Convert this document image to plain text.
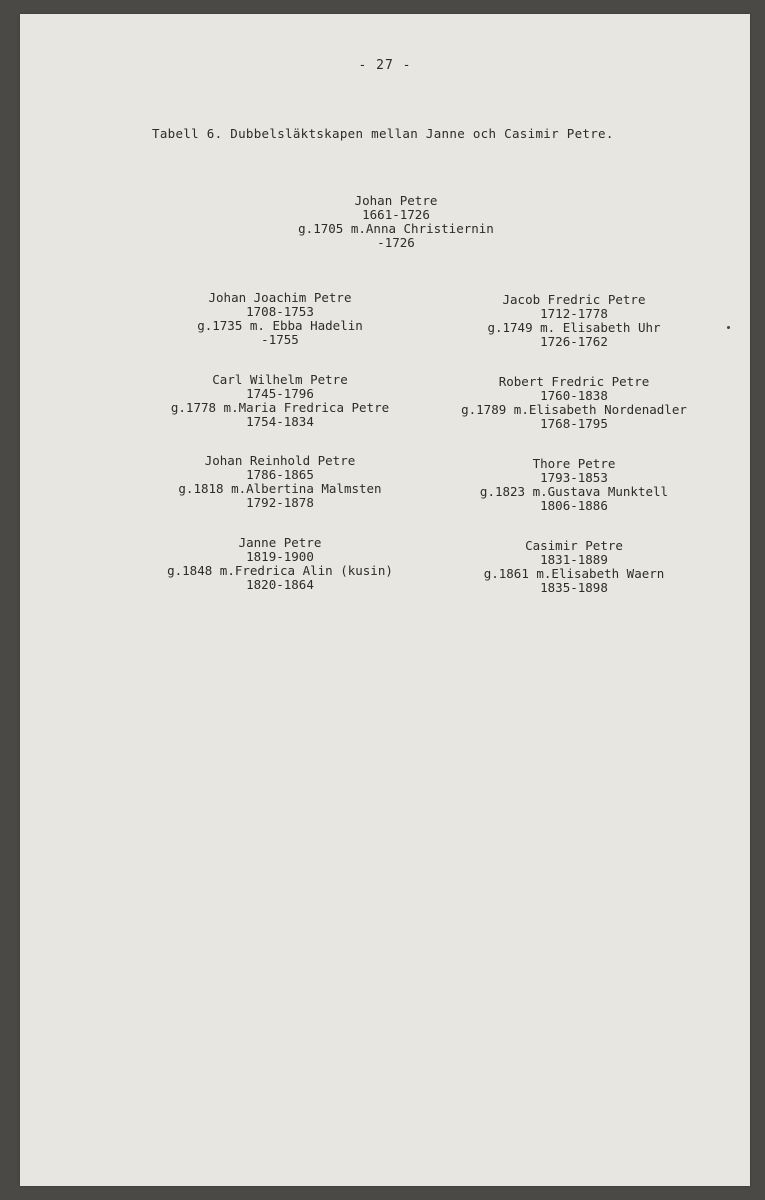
- 27 -
Tabell 6. Dubbelsläktskapen mellan Janne och Casimir Petre.
Johan Petre
1661-1726
g.1705 m.Anna Christiernin
-1726
Johan Joachim Petre
1708-1753
g.1735 m. Ebba Hadelin
-1755
Carl Wilhelm Petre
1745-1796
g.1778 m.Maria Fredrica Petre
1754-1834
Johan Reinhold Petre
1786-1865
g.1818 m.Albertina Malmsten
1792-1878
Janne Petre
1819-1900
g.1848 m.Fredrica Alin (kusin)
1820-1864
Jacob Fredric Petre
1712-1778
g.1749 m. Elisabeth Uhr
1726-1762
Robert Fredric Petre
1760-1838
g.1789 m.Elisabeth Nordenadler
1768-1795
Thore Petre
1793-1853
g.1823 m.Gustava Munktell
1806-1886
Casimir Petre
1831-1889
g.1861 m.Elisabeth Waern
1835-1898
